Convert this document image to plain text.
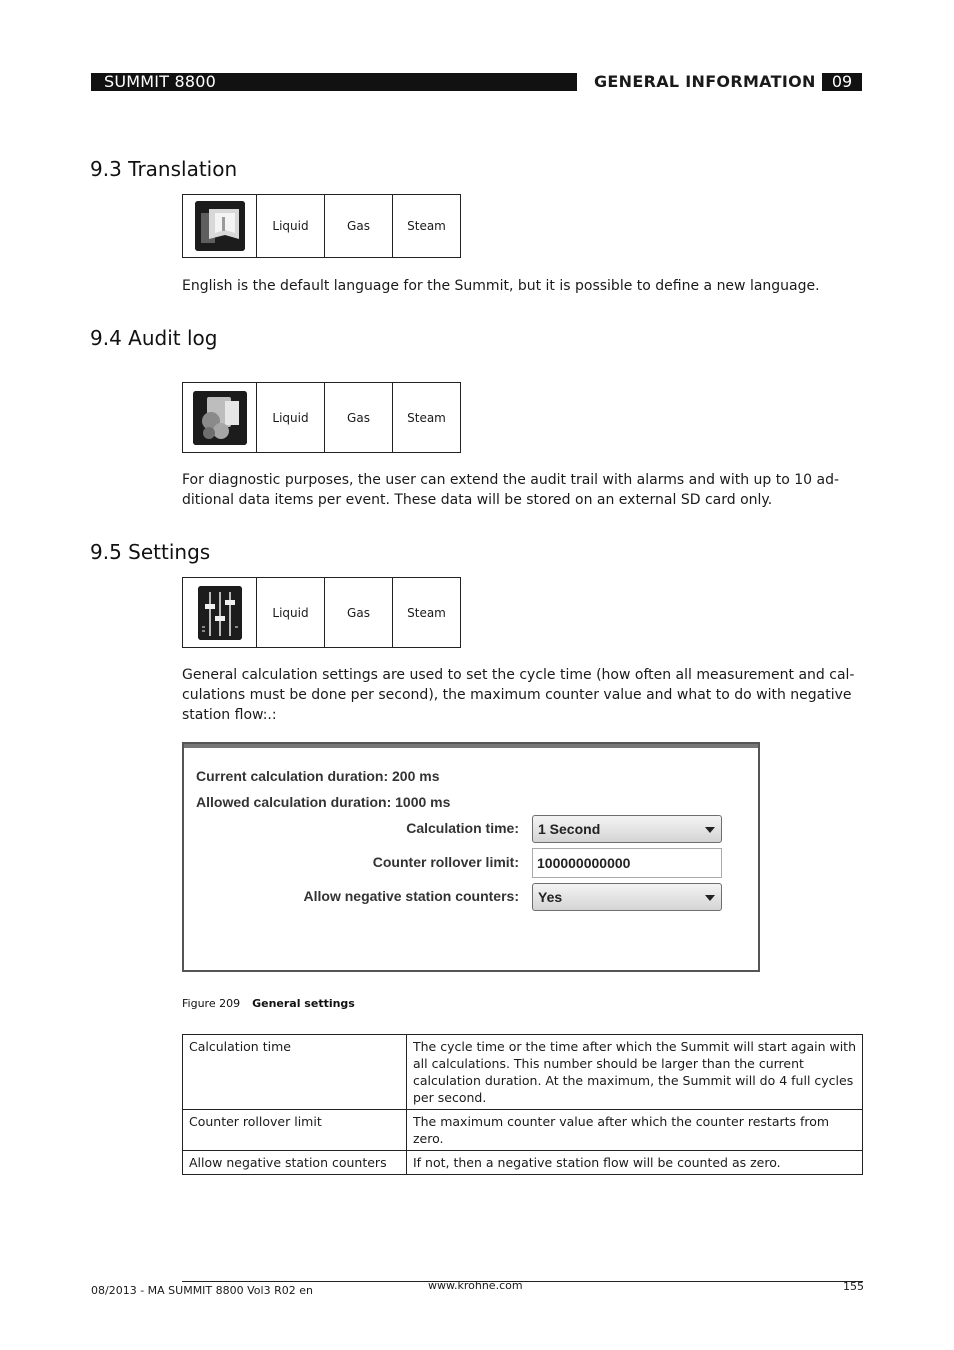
SUMMIT 8800	GENERAL INFORMATION	09
9.3 Translation
	Liquid	Gas	Steam
English is the default language for the Summit, but it is possible to define a new language.
9.4 Audit log
	Liquid	Gas	Steam
For diagnostic purposes, the user can extend the audit trail with alarms and with up to 10 ad-
ditional data items per event. These data will be stored on an external SD card only.
9.5 Settings
	Liquid	Gas	Steam
General calculation settings are used to set the cycle time (how often all measurement and cal-
culations must be done per second), the maximum counter value and what to do with negative
station flow:.:
Current calculation duration: 200 ms
Allowed calculation duration: 1000 ms
Calculation time:	1 Second
Counter rollover limit:	100000000000
Allow negative station counters:	Yes
Figure 209 General settings
Calculation time	The cycle time or the time after which the Summit will start again with all calculations. This number should be larger than the current calculation duration. At the maximum, the Summit will do 4 full cycles per second.
Counter rollover limit	The maximum counter value after which the counter restarts from zero.
Allow negative station counters	If not, then a negative station flow will be counted as zero.
08/2013 - MA SUMMIT 8800 Vol3 R02 en	www.krohne.com	155
